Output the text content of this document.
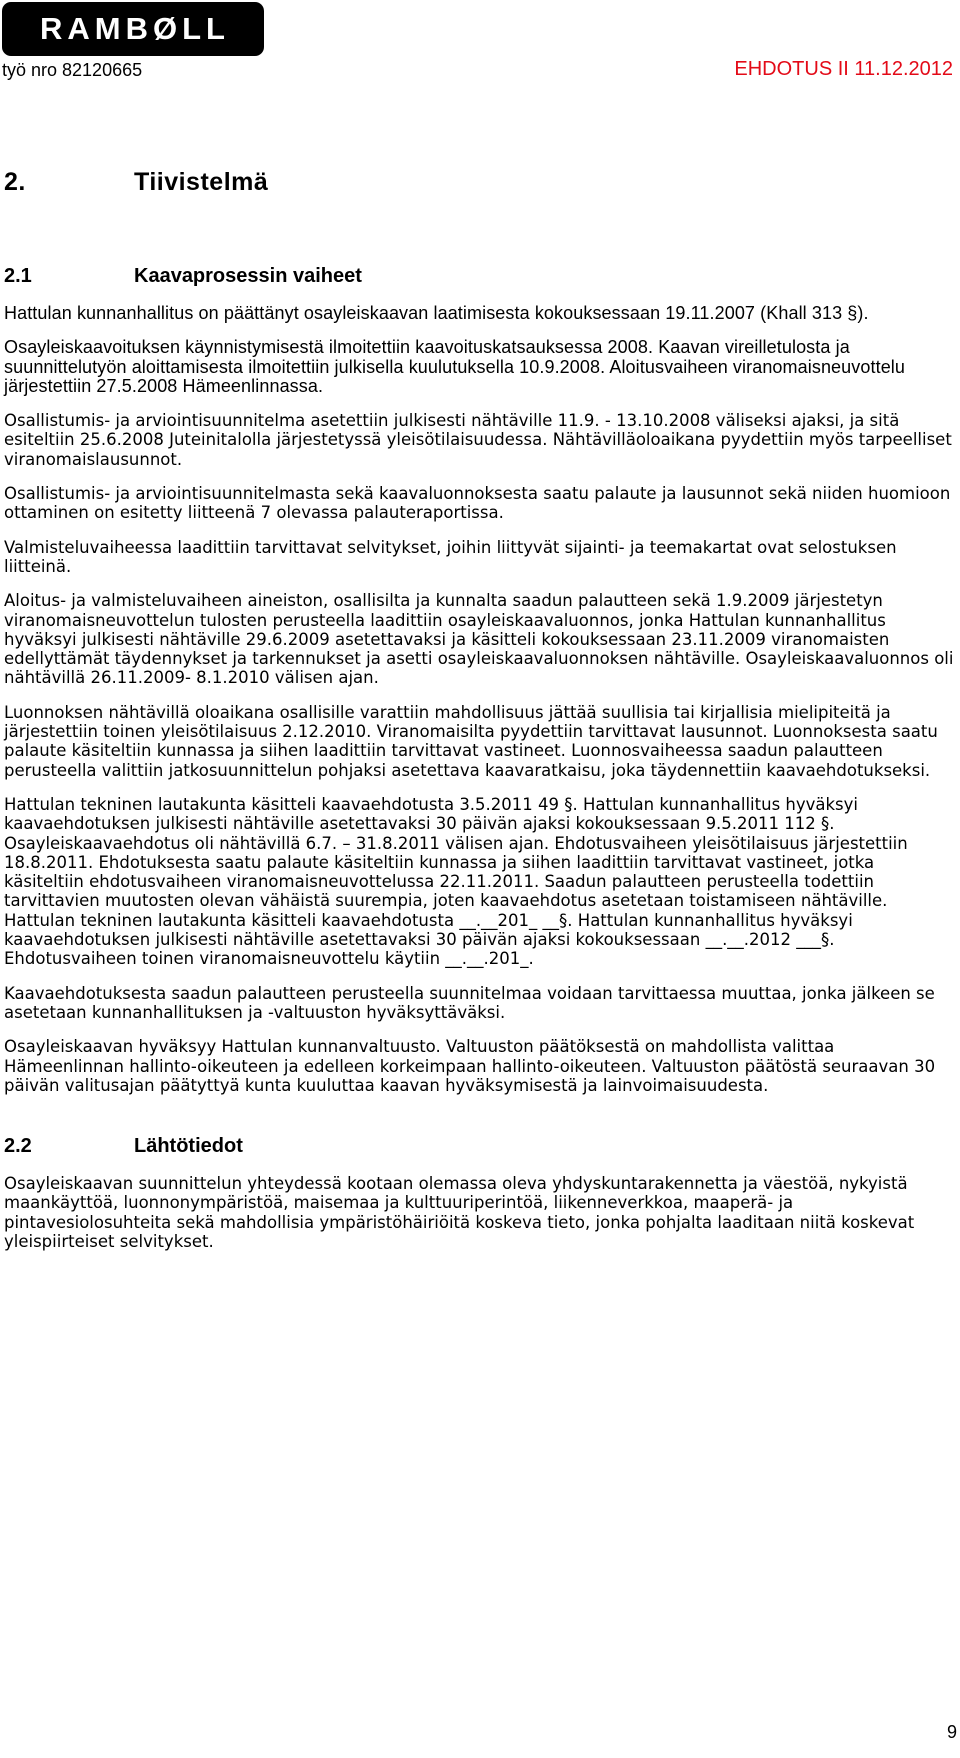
RAMBØLL
työ nro 82120665	EHDOTUS II 11.12.2012
2.	Tiivistelmä
2.1	Kaavaprosessin vaiheet

Hattulan kunnanhallitus on päättänyt osayleiskaavan laatimisesta kokouksessaan 19.11.2007 (Khall 313 §).

Osayleiskaavoituksen käynnistymisestä ilmoitettiin kaavoituskatsauksessa 2008. Kaavan vireilletulosta ja suunnittelutyön aloittamisesta ilmoitettiin julkisella kuulutuksella 10.9.2008. Aloitusvaiheen viranomaisneuvottelu järjestettiin 27.5.2008 Hämeenlinnassa.

Osallistumis- ja arviointisuunnitelma asetettiin julkisesti nähtäville 11.9. - 13.10.2008 väliseksi ajaksi, ja sitä esiteltiin 25.6.2008 Juteinitalolla järjestetyssä yleisötilaisuudessa. Nähtävilläoloaikana pyydettiin myös tarpeelliset viranomaislausunnot.

Osallistumis- ja arviointisuunnitelmasta sekä kaavaluonnoksesta saatu palaute ja lausunnot sekä niiden huomioon ottaminen on esitetty liitteenä 7 olevassa palauteraportissa.

Valmisteluvaiheessa laadittiin tarvittavat selvitykset, joihin liittyvät sijainti- ja teemakartat ovat selostuksen liitteinä.

Aloitus- ja valmisteluvaiheen aineiston, osallisilta ja kunnalta saadun palautteen sekä 1.9.2009 järjestetyn viranomaisneuvottelun tulosten perusteella laadittiin osayleiskaavaluonnos, jonka Hattulan kunnanhallitus hyväksyi julkisesti nähtäville 29.6.2009 asetettavaksi ja käsitteli kokouksessaan 23.11.2009 viranomaisten edellyttämät täydennykset ja tarkennukset ja asetti osayleiskaavaluonnoksen nähtäville. Osayleiskaavaluonnos oli nähtävillä 26.11.2009- 8.1.2010 välisen ajan.

Luonnoksen nähtävillä oloaikana osallisille varattiin mahdollisuus jättää suullisia tai kirjallisia mielipiteitä ja järjestettiin toinen yleisötilaisuus 2.12.2010. Viranomaisilta pyydettiin tarvittavat lausunnot. Luonnoksesta saatu palaute käsiteltiin kunnassa ja siihen laadittiin tarvittavat vastineet. Luonnosvaiheessa saadun palautteen perusteella valittiin jatkosuunnittelun pohjaksi asetettava kaavaratkaisu, joka täydennettiin kaavaehdotukseksi.

Hattulan tekninen lautakunta käsitteli kaavaehdotusta 3.5.2011 49 §. Hattulan kunnanhallitus hyväksyi kaavaehdotuksen julkisesti nähtäville asetettavaksi 30 päivän ajaksi kokouksessaan 9.5.2011 112 §. Osayleiskaavaehdotus oli nähtävillä 6.7. – 31.8.2011 välisen ajan. Ehdotusvaiheen yleisötilaisuus järjestettiin 18.8.2011. Ehdotuksesta saatu palaute käsiteltiin kunnassa ja siihen laadittiin tarvittavat vastineet, jotka käsiteltiin ehdotusvaiheen viranomaisneuvottelussa 22.11.2011. Saadun palautteen perusteella todettiin tarvittavien muutosten olevan vähäistä suurempia, joten kaavaehdotus asetetaan toistamiseen nähtäville. Hattulan tekninen lautakunta käsitteli kaavaehdotusta __.__201_ __§. Hattulan kunnanhallitus hyväksyi kaavaehdotuksen julkisesti nähtäville asetettavaksi 30 päivän ajaksi kokouksessaan __.__.2012 ___§. Ehdotusvaiheen toinen viranomaisneuvottelu käytiin __.__.201_.

Kaavaehdotuksesta saadun palautteen perusteella suunnitelmaa voidaan tarvittaessa muuttaa, jonka jälkeen se asetetaan kunnanhallituksen ja -valtuuston hyväksyttäväksi.

Osayleiskaavan hyväksyy Hattulan kunnanvaltuusto. Valtuuston päätöksestä on mahdollista valittaa Hämeenlinnan hallinto-oikeuteen ja edelleen korkeimpaan hallinto-oikeuteen. Valtuuston päätöstä seuraavan 30 päivän valitusajan päätyttyä kunta kuuluttaa kaavan hyväksymisestä ja lainvoimaisuudesta.

2.2	Lähtötiedot

Osayleiskaavan suunnittelun yhteydessä kootaan olemassa oleva yhdyskuntarakennetta ja väestöä, nykyistä maankäyttöä, luonnonympäristöä, maisemaa ja kulttuuriperintöä, liikenneverkkoa, maaperä- ja pintavesiolosuhteita sekä mahdollisia ympäristöhäiriöitä koskeva tieto, jonka pohjalta laaditaan niitä koskevat yleispiirteiset selvitykset.

9
